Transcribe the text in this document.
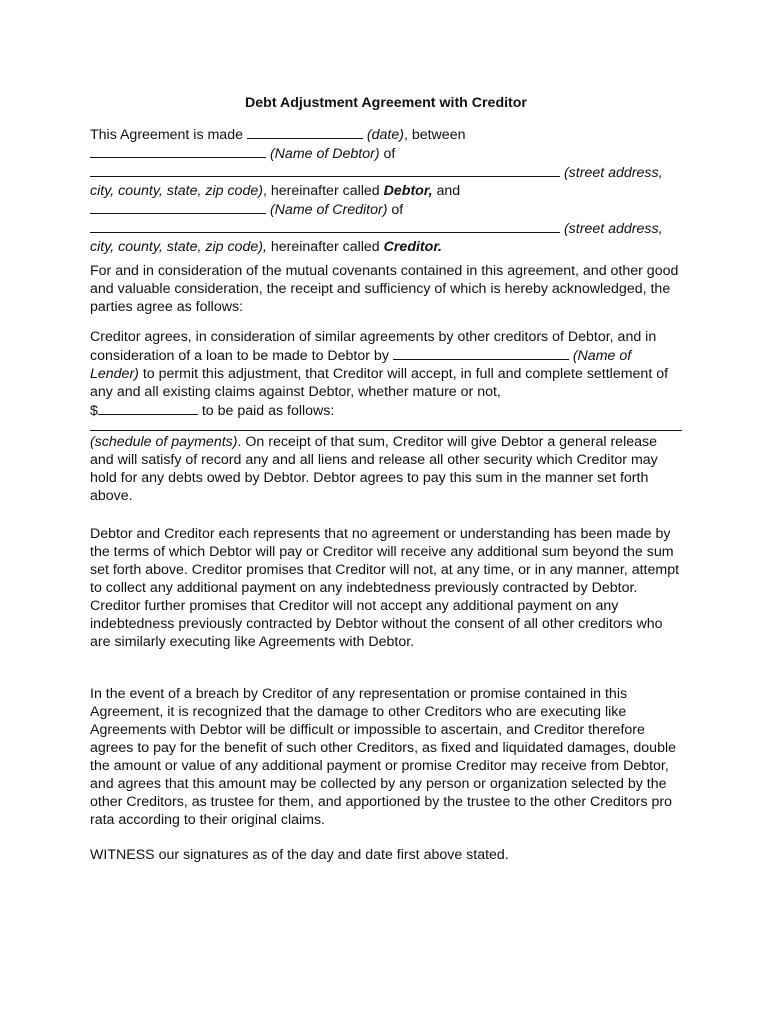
Debt Adjustment Agreement with Creditor
This Agreement is made	(date), between
(Name of Debtor) of
(street address,
city, county, state, zip code), hereinafter called Debtor, and
(Name of Creditor) of
(street address,
city, county, state, zip code), hereinafter called Creditor.
For and in consideration of the mutual covenants contained in this agreement, and other good and valuable consideration, the receipt and sufficiency of which is hereby acknowledged, the parties agree as follows:
Creditor agrees, in consideration of similar agreements by other creditors of Debtor, and in consideration of a loan to be made to Debtor by	(Name of Lender) to permit this adjustment, that Creditor will accept, in full and complete settlement of any and all existing claims against Debtor, whether mature or not,
$	to be paid as follows:
(schedule of payments). On receipt of that sum, Creditor will give Debtor a general release and will satisfy of record any and all liens and release all other security which Creditor may hold for any debts owed by Debtor. Debtor agrees to pay this sum in the manner set forth above.
Debtor and Creditor each represents that no agreement or understanding has been made by the terms of which Debtor will pay or Creditor will receive any additional sum beyond the sum set forth above. Creditor promises that Creditor will not, at any time, or in any manner, attempt to collect any additional payment on any indebtedness previously contracted by Debtor. Creditor further promises that Creditor will not accept any additional payment on any indebtedness previously contracted by Debtor without the consent of all other creditors who are similarly executing like Agreements with Debtor.
In the event of a breach by Creditor of any representation or promise contained in this Agreement, it is recognized that the damage to other Creditors who are executing like Agreements with Debtor will be difficult or impossible to ascertain, and Creditor therefore agrees to pay for the benefit of such other Creditors, as fixed and liquidated damages, double the amount or value of any additional payment or promise Creditor may receive from Debtor, and agrees that this amount may be collected by any person or organization selected by the other Creditors, as trustee for them, and apportioned by the trustee to the other Creditors pro rata according to their original claims.
WITNESS our signatures as of the day and date first above stated.
